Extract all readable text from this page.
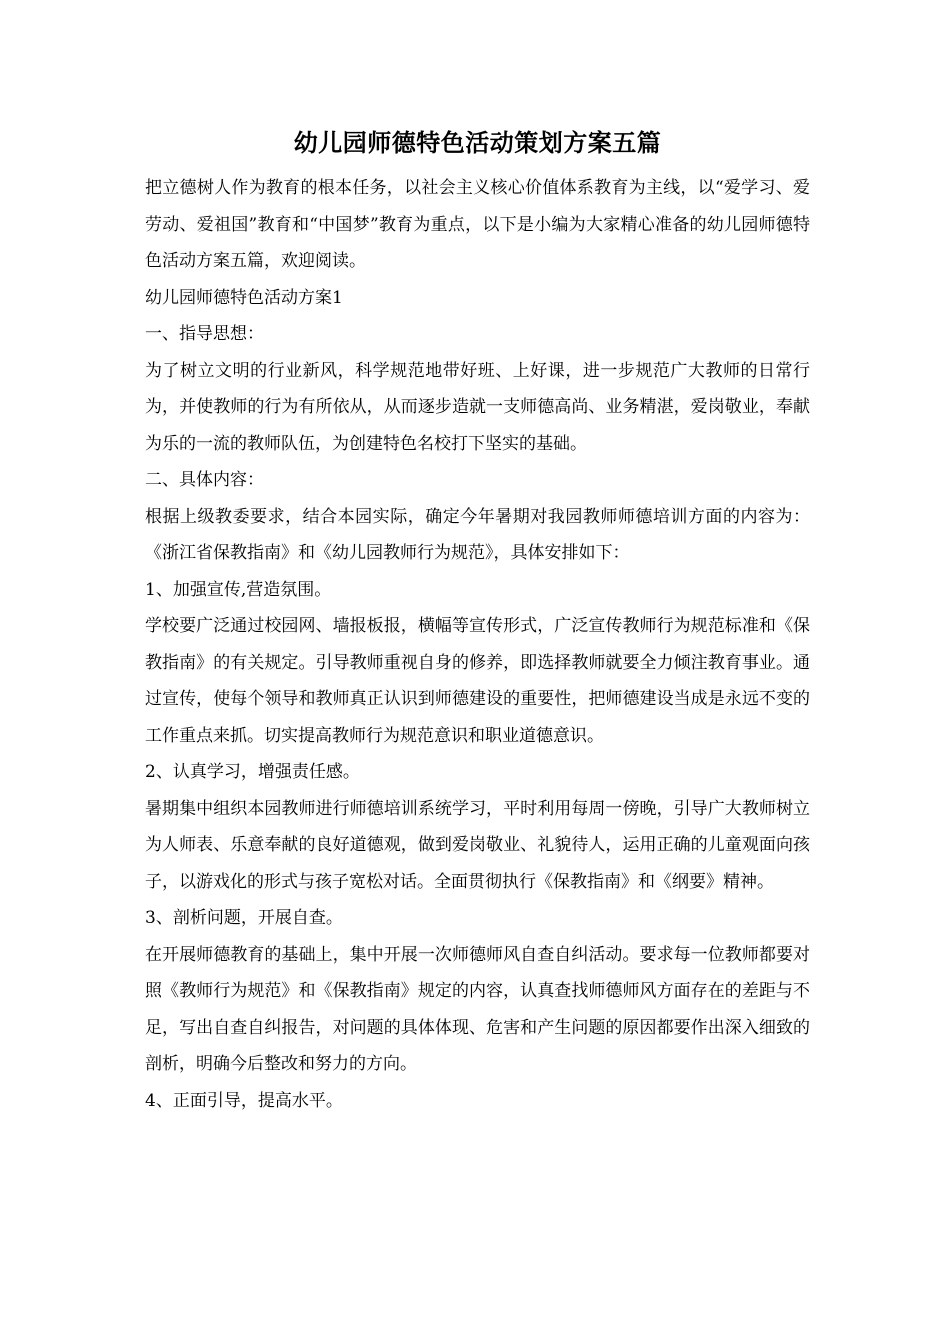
幼儿园师德特色活动策划方案五篇

把立德树人作为教育的根本任务，以社会主义核心价值体系教育为主线，以“爱学习、爱劳动、爱祖国”教育和“中国梦”教育为重点，以下是小编为大家精心准备的幼儿园师德特色活动方案五篇，欢迎阅读。

幼儿园师德特色活动方案1

一、指导思想：

为了树立文明的行业新风，科学规范地带好班、上好课，进一步规范广大教师的日常行为，并使教师的行为有所依从，从而逐步造就一支师德高尚、业务精湛，爱岗敬业，奉献为乐的一流的教师队伍，为创建特色名校打下坚实的基础。

二、具体内容：

根据上级教委要求，结合本园实际，确定今年暑期对我园教师师德培训方面的内容为：《浙江省保教指南》和《幼儿园教师行为规范》，具体安排如下：

1、加强宣传,营造氛围。

学校要广泛通过校园网、墙报板报，横幅等宣传形式，广泛宣传教师行为规范标准和《保教指南》的有关规定。引导教师重视自身的修养，即选择教师就要全力倾注教育事业。通过宣传，使每个领导和教师真正认识到师德建设的重要性，把师德建设当成是永远不变的工作重点来抓。切实提高教师行为规范意识和职业道德意识。

2、认真学习，增强责任感。

暑期集中组织本园教师进行师德培训系统学习，平时利用每周一傍晚，引导广大教师树立为人师表、乐意奉献的良好道德观，做到爱岗敬业、礼貌待人，运用正确的儿童观面向孩子，以游戏化的形式与孩子宽松对话。全面贯彻执行《保教指南》和《纲要》精神。

3、剖析问题，开展自查。

在开展师德教育的基础上，集中开展一次师德师风自查自纠活动。要求每一位教师都要对照《教师行为规范》和《保教指南》规定的内容，认真查找师德师风方面存在的差距与不足，写出自查自纠报告，对问题的具体体现、危害和产生问题的原因都要作出深入细致的剖析，明确今后整改和努力的方向。

4、正面引导，提高水平。
